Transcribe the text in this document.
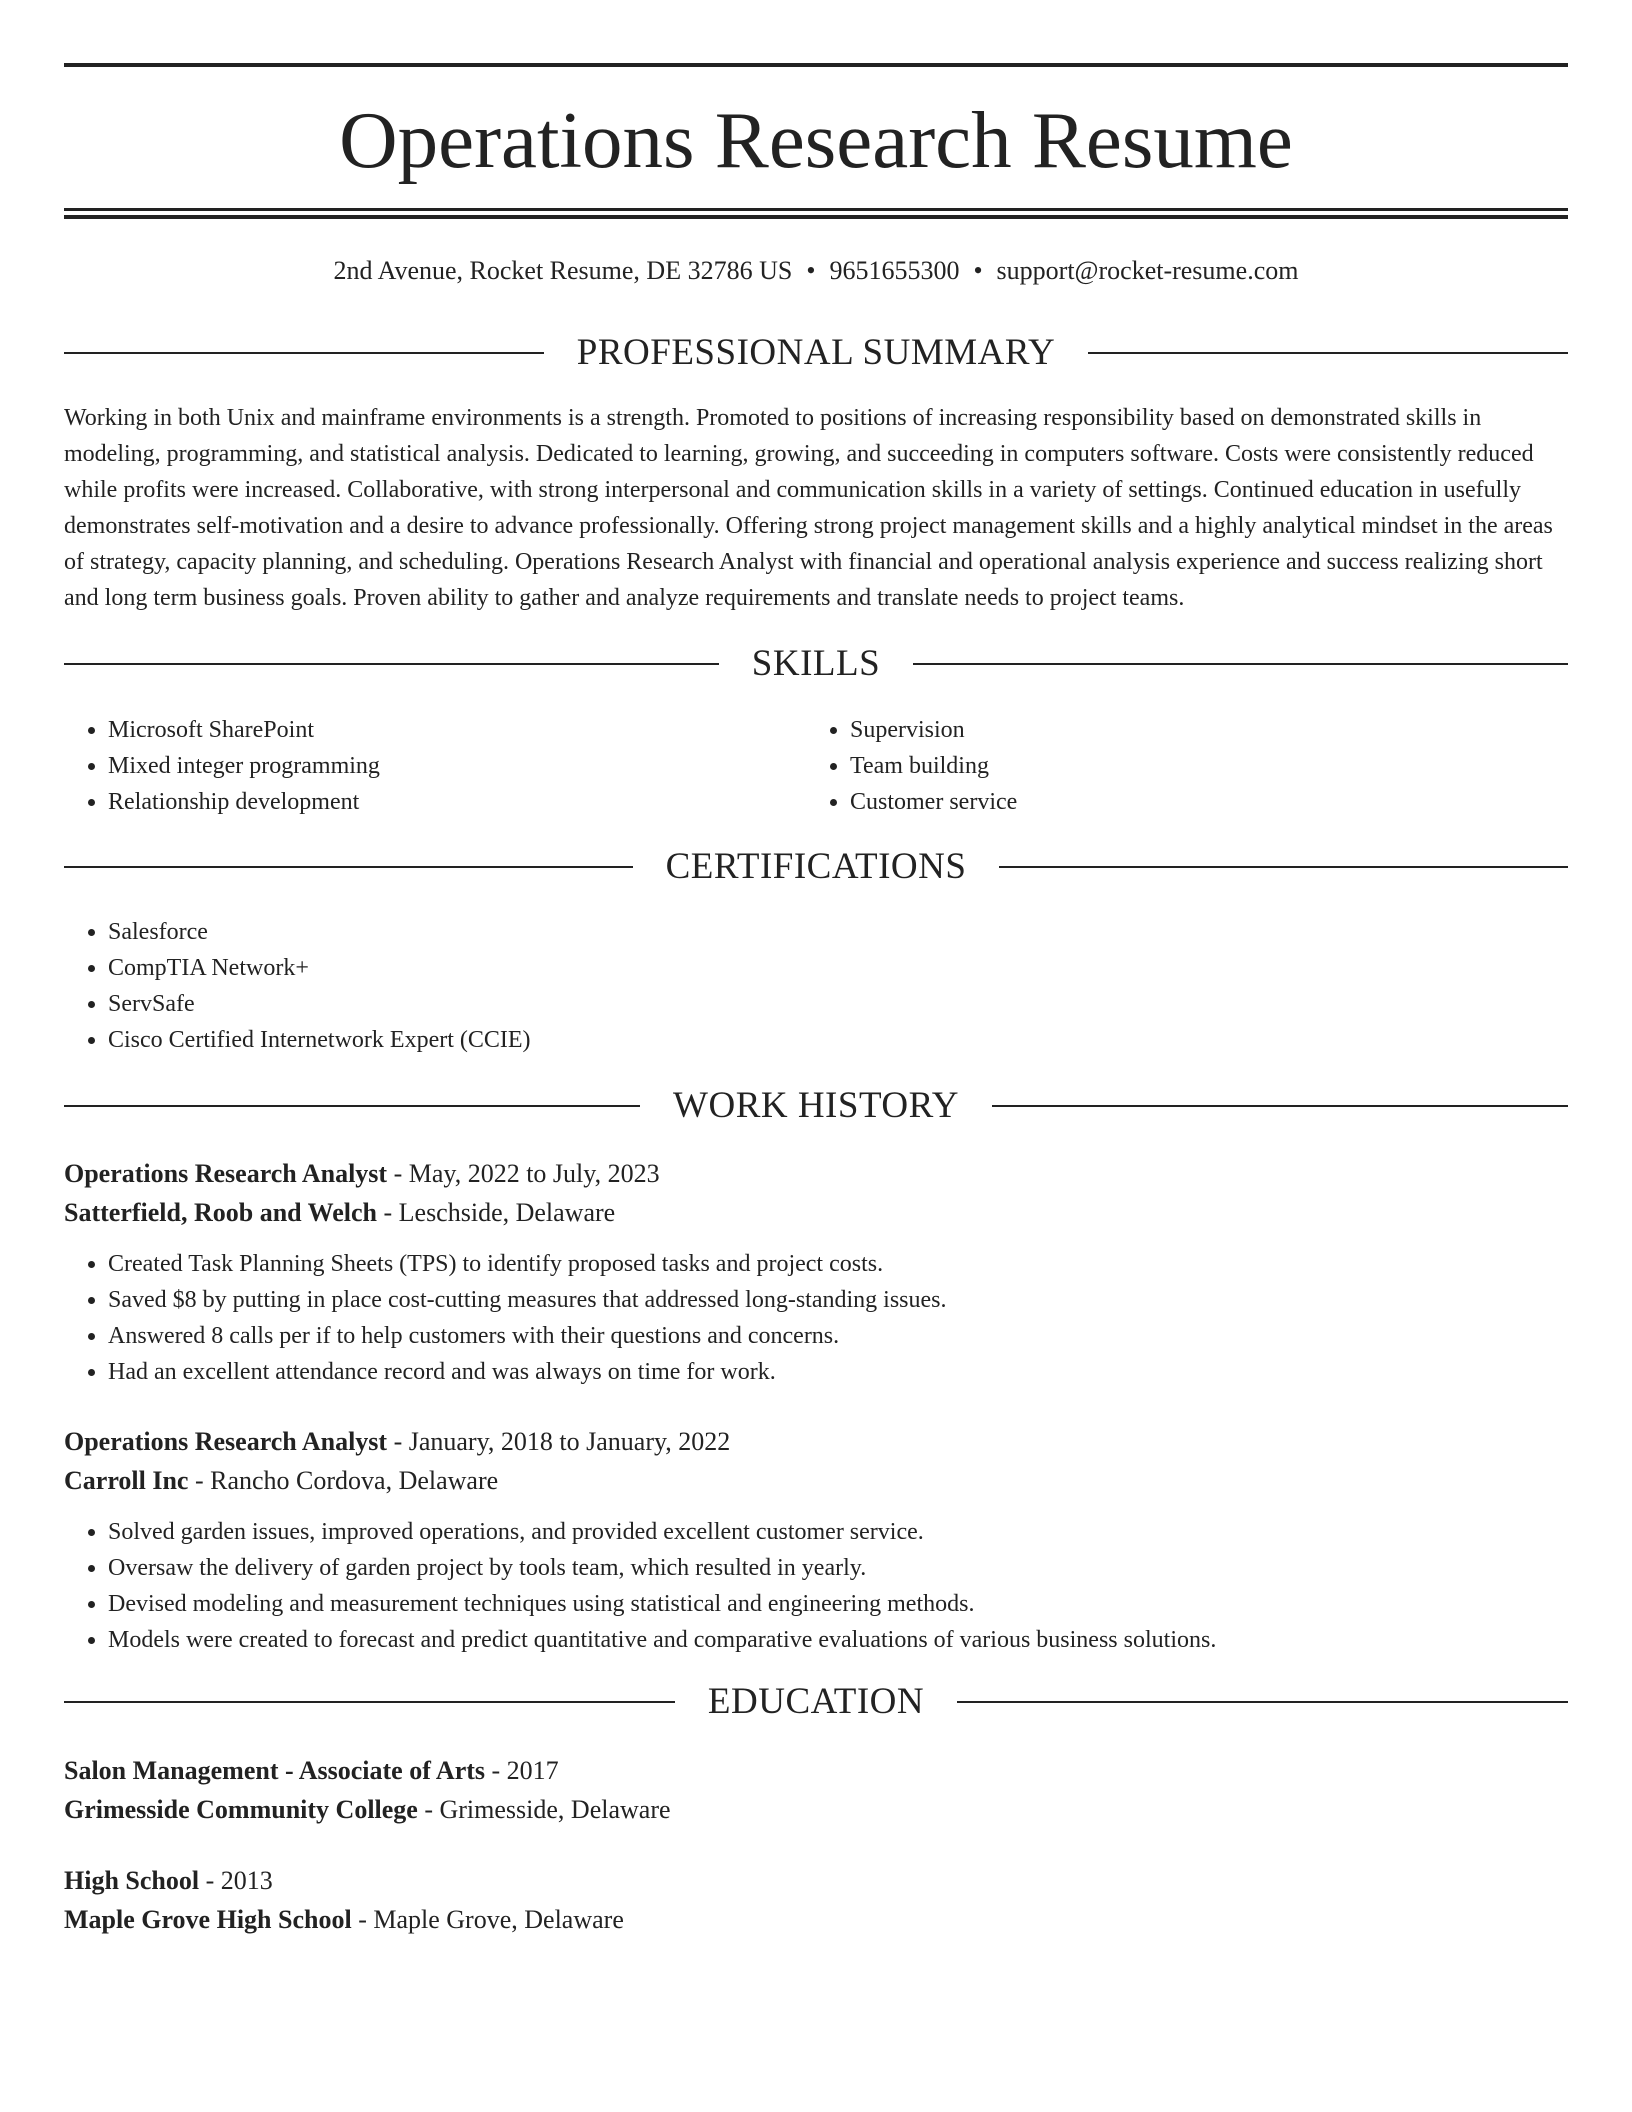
Operations Research Resume
2nd Avenue, Rocket Resume, DE 32786 US • 9651655300 • support@rocket-resume.com
PROFESSIONAL SUMMARY

Working in both Unix and mainframe environments is a strength. Promoted to positions of increasing responsibility based on demonstrated skills in modeling, programming, and statistical analysis. Dedicated to learning, growing, and succeeding in computers software. Costs were consistently reduced while profits were increased. Collaborative, with strong interpersonal and communication skills in a variety of settings. Continued education in usefully demonstrates self-motivation and a desire to advance professionally. Offering strong project management skills and a highly analytical mindset in the areas of strategy, capacity planning, and scheduling. Operations Research Analyst with financial and operational analysis experience and success realizing short and long term business goals. Proven ability to gather and analyze requirements and translate needs to project teams.

SKILLS
• Microsoft SharePoint
• Mixed integer programming
• Relationship development
• Supervision
• Team building
• Customer service
CERTIFICATIONS
• Salesforce
• CompTIA Network+
• ServSafe
• Cisco Certified Internetwork Expert (CCIE)
WORK HISTORY
Operations Research Analyst - May, 2022 to July, 2023
Satterfield, Roob and Welch - Leschside, Delaware
• Created Task Planning Sheets (TPS) to identify proposed tasks and project costs.
• Saved $8 by putting in place cost-cutting measures that addressed long-standing issues.
• Answered 8 calls per if to help customers with their questions and concerns.
• Had an excellent attendance record and was always on time for work.
Operations Research Analyst - January, 2018 to January, 2022
Carroll Inc - Rancho Cordova, Delaware
• Solved garden issues, improved operations, and provided excellent customer service.
• Oversaw the delivery of garden project by tools team, which resulted in yearly.
• Devised modeling and measurement techniques using statistical and engineering methods.
• Models were created to forecast and predict quantitative and comparative evaluations of various business solutions.
EDUCATION
Salon Management - Associate of Arts - 2017
Grimesside Community College - Grimesside, Delaware
High School - 2013
Maple Grove High School - Maple Grove, Delaware
